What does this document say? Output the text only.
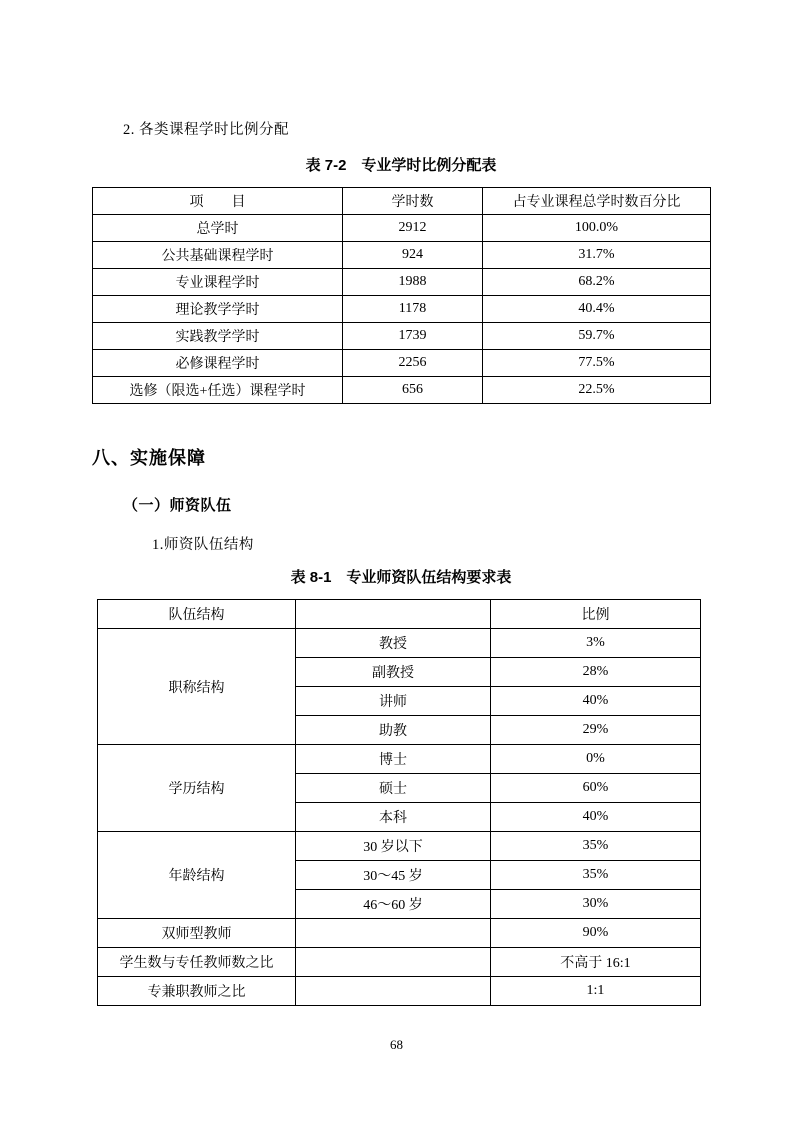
2. 各类课程学时比例分配
表 7-2　专业学时比例分配表
项　　目	学时数	占专业课程总学时数百分比
总学时	2912	100.0%
公共基础课程学时	924	31.7%
专业课程学时	1988	68.2%
理论教学学时	1178	40.4%
实践教学学时	1739	59.7%
必修课程学时	2256	77.5%
选修（限选+任选）课程学时	656	22.5%
八、实施保障
（一）师资队伍
1.师资队伍结构
表 8-1　专业师资队伍结构要求表
队伍结构		比例
职称结构	教授	3%
	副教授	28%
	讲师	40%
	助教	29%
学历结构	博士	0%
	硕士	60%
	本科	40%
年龄结构	30 岁以下	35%
	30～45 岁	35%
	46～60 岁	30%
双师型教师		90%
学生数与专任教师数之比		不高于 16:1
专兼职教师之比		1:1
68
